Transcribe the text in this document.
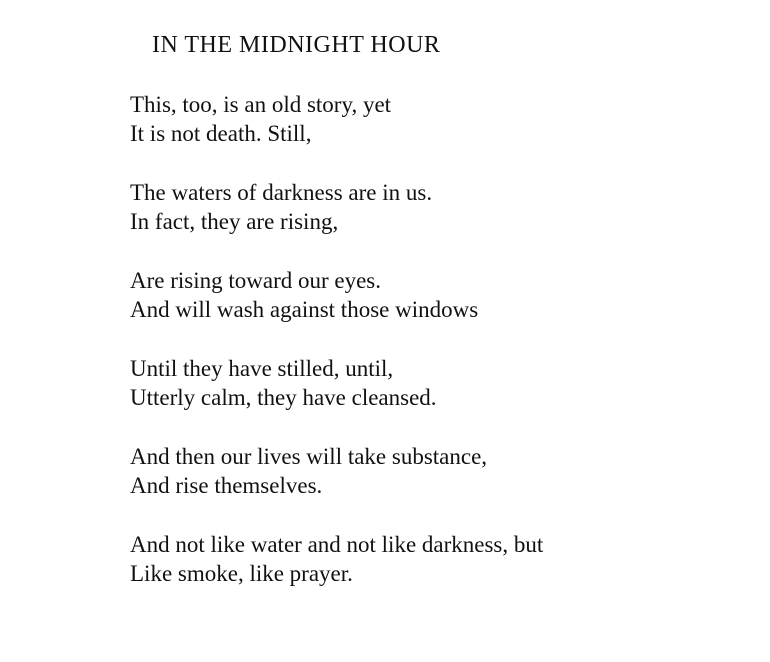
IN THE MIDNIGHT HOUR
This, too, is an old story, yet
It is not death. Still,
The waters of darkness are in us.
In fact, they are rising,
Are rising toward our eyes.
And will wash against those windows
Until they have stilled, until,
Utterly calm, they have cleansed.
And then our lives will take substance,
And rise themselves.
And not like water and not like darkness, but
Like smoke, like prayer.
